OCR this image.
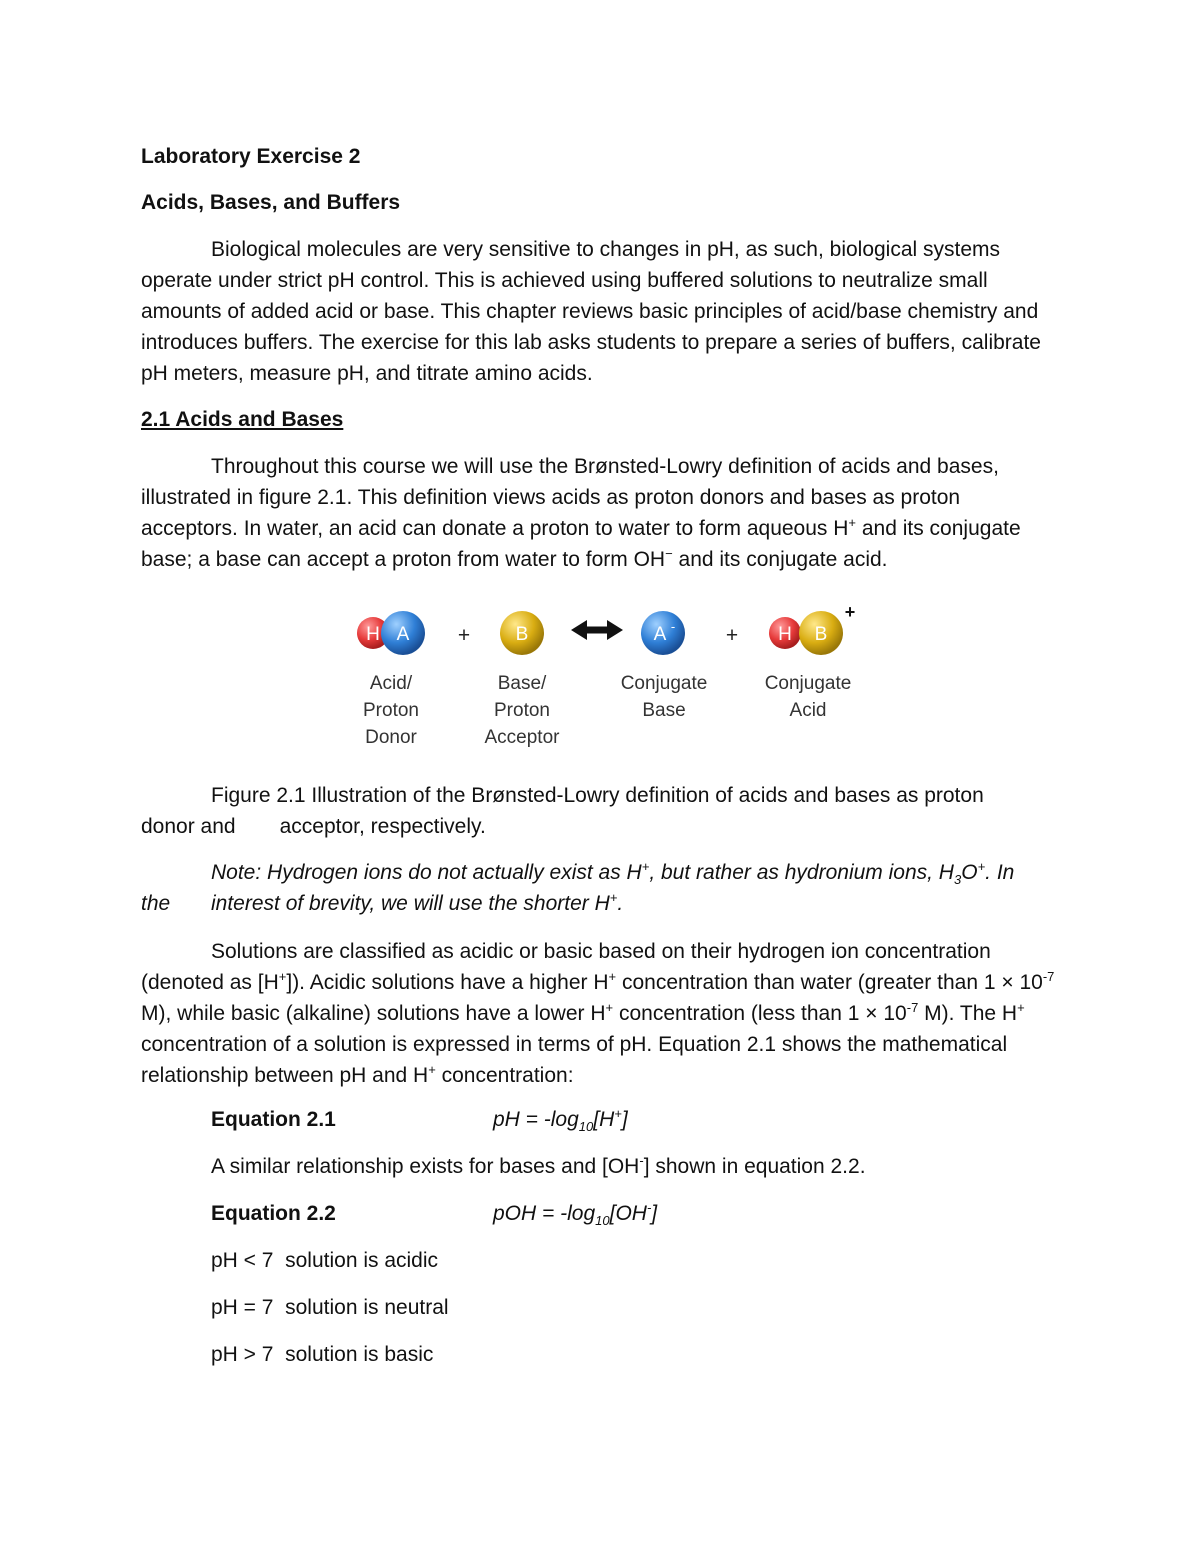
Laboratory Exercise 2
Acids, Bases, and Buffers
Biological molecules are very sensitive to changes in pH, as such, biological systems operate under strict pH control. This is achieved using buffered solutions to neutralize small amounts of added acid or base. This chapter reviews basic principles of acid/base chemistry and introduces buffers. The exercise for this lab asks students to prepare a series of buffers, calibrate pH meters, measure pH, and titrate amino acids.
2.1 Acids and Bases
Throughout this course we will use the Brønsted-Lowry definition of acids and bases, illustrated in figure 2.1. This definition views acids as proton donors and bases as proton acceptors. In water, an acid can donate a proton to water to form aqueous H+ and its conjugate base; a base can accept a proton from water to form OH− and its conjugate acid.
H A + B	A - + H B
+
Acid/
Proton
Donor
Base/
Proton
Acceptor
Conjugate
Base
Conjugate
Acid
Figure 2.1 Illustration of the Brønsted-Lowry definition of acids and bases as proton
donor and acceptor, respectively.
Note: Hydrogen ions do not actually exist as H+, but rather as hydronium ions, $H_3O^+$. In
the interest of brevity, we will use the shorter H+.
Solutions are classified as acidic or basic based on their hydrogen ion concentration (denoted as [H+]). Acidic solutions have a higher H+ concentration than water (greater than $1 \times 10^{-7}$ M), while basic (alkaline) solutions have a lower H+ concentration (less than $1 \times 10^{-7}$ M). The H+ concentration of a solution is expressed in terms of pH. Equation 2.1 shows the mathematical relationship between pH and H+ concentration:
Equation 2.1	pH = $-\log_{10}[H^+]$
A similar relationship exists for bases and [OH-] shown in equation 2.2.
Equation 2.2	pOH = $-\log_{10}[OH^-]$
pH < 7  solution is acidic
pH = 7  solution is neutral
pH > 7  solution is basic
